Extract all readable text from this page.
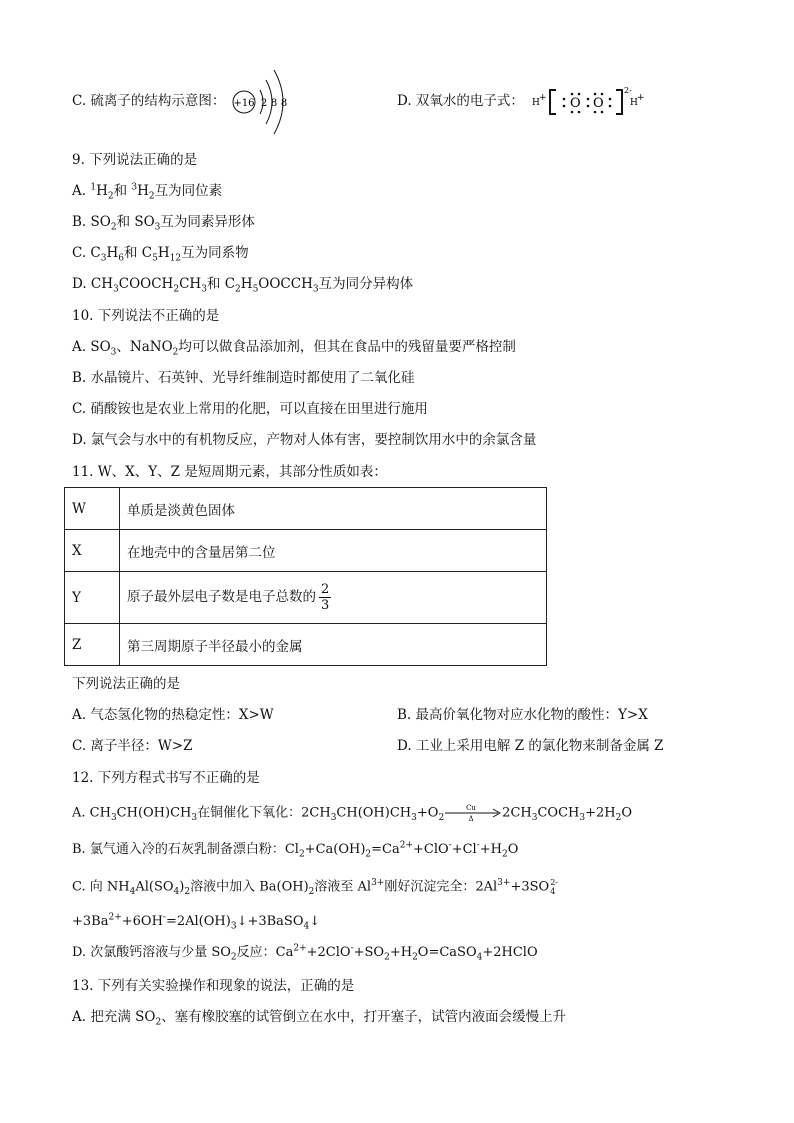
C. 硫离子的结构示意图： +16 2 8 8	D. 双氧水的电子式： H + O O
2-
H +
9. 下列说法正确的是
A. $^1H_2$和 $^3H_2$互为同位素
B. $SO_2$和 $SO_3$互为同素异形体
C. $C_3H_6$和 $C_5H_{12}$互为同系物
D. $CH_3COOCH_2CH_3$和 $C_2H_5OOCCH_3$互为同分异构体
10. 下列说法不正确的是
A. $SO_3$、NaNO$_2$均可以做食品添加剂，但其在食品中的残留量要严格控制
B. 水晶镜片、石英钟、光导纤维制造时都使用了二氧化硅
C. 硝酸铵也是农业上常用的化肥，可以直接在田里进行施用
D. 氯气会与水中的有机物反应，产物对人体有害，要控制饮用水中的余氯含量
11. W、X、Y、Z 是短周期元素，其部分性质如表：
W	单质是淡黄色固体
X	在地壳中的含量居第二位
Y	原子最外层电子数是电子总数的 $\frac{2}{3}$

Z	第三周期原子半径最小的金属
下列说法正确的是
A. 气态氢化物的热稳定性：X>W	B. 最高价氧化物对应水化物的酸性：Y>X
C. 离子半径：W>Z	D. 工业上采用电解 Z 的氯化物来制备金属 Z
12. 下列方程式书写不正确的是
A. $CH_3CH(OH)CH_3$在铜催化下氧化：$2CH_3CH(OH)CH_3+O_2$
Cu
Δ $2CH_3COCH_3+2H_2O$
B. 氯气通入冷的石灰乳制备漂白粉：$Cl_2+Ca(OH)_2=Ca^{2+}+ClO^-+Cl^-+H_2O$
C. 向 $NH_4Al(SO_4)_2$溶液中加入 $Ba(OH)_2$溶液至 $Al^{3+}$刚好沉淀完全：$2Al^{3+}+3SO$ 2-
4
$+3Ba^{2+}+6OH^-=2Al(OH)_3↓+3BaSO_4↓$
D. 次氯酸钙溶液与少量 $SO_2$反应：$Ca^{2+}+2ClO^-+SO_2+H_2O=CaSO_4+2HClO$
13. 下列有关实验操作和现象的说法，正确的是
A. 把充满 $SO_2$、塞有橡胶塞的试管倒立在水中，打开塞子，试管内液面会缓慢上升
